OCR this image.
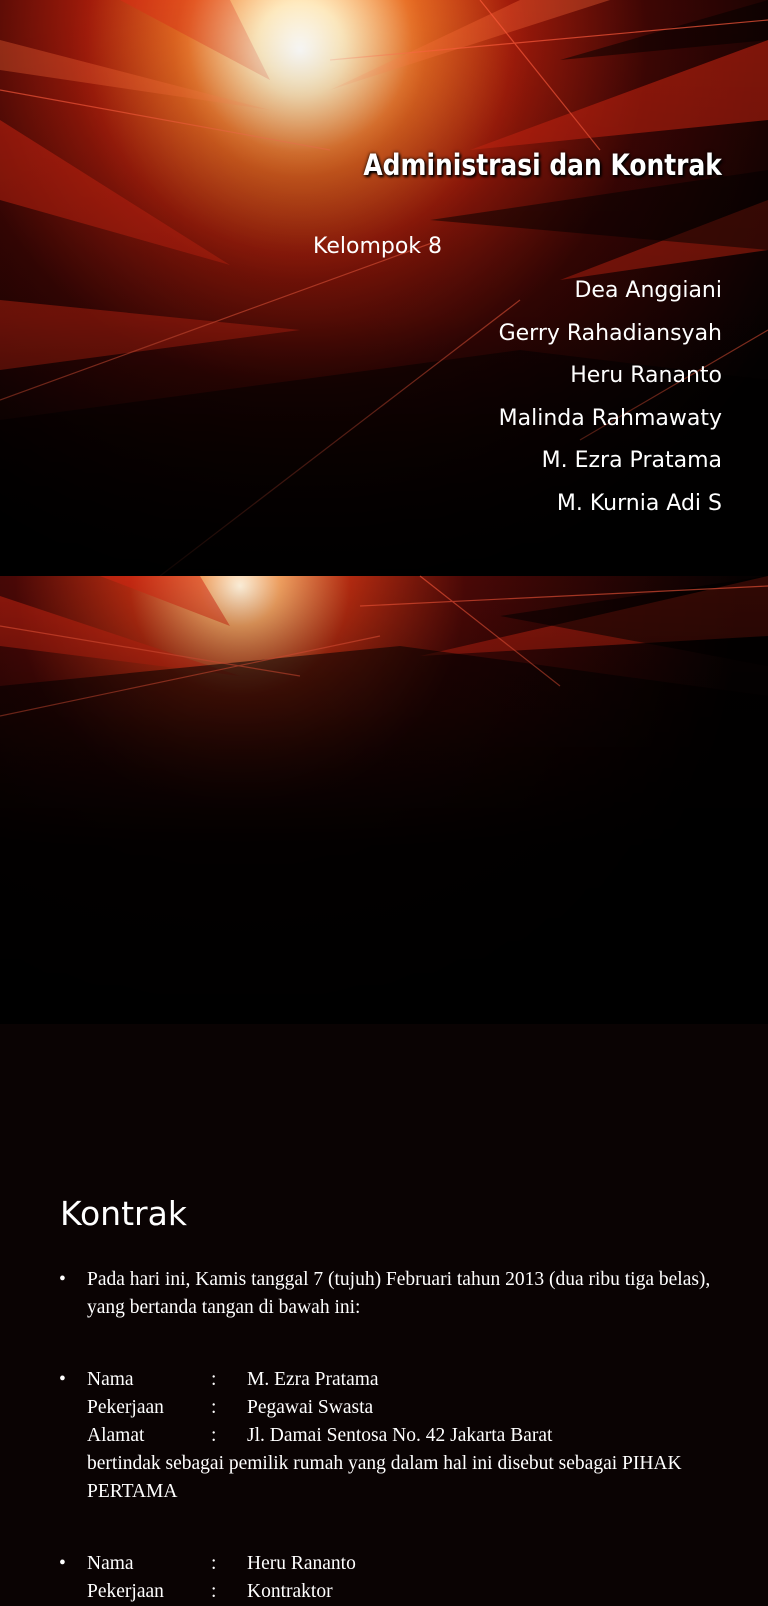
Administrasi dan Kontrak
Kelompok 8
Dea Anggiani
Gerry Rahadiansyah
Heru Rananto
Malinda Rahmawaty
M. Ezra Pratama
M. Kurnia Adi S
Kontrak
• Pada hari ini, Kamis tanggal 7 (tujuh) Februari tahun 2013 (dua ribu tiga belas), yang bertanda tangan di bawah ini:
• Nama	: M. Ezra Pratama
Pekerjaan : Pegawai Swasta
Alamat	: Jl. Damai Sentosa No. 42 Jakarta Barat
bertindak sebagai pemilik rumah yang dalam hal ini disebut sebagai PIHAK PERTAMA
• Nama	: Heru Rananto
Pekerjaan : Kontraktor
